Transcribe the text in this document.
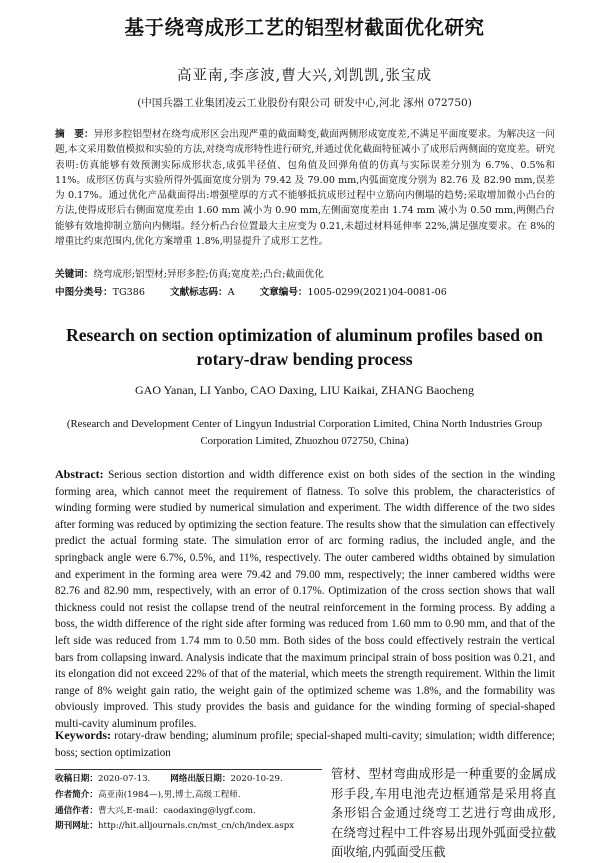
基于绕弯成形工艺的铝型材截面优化研究
高亚南,李彦波,曹大兴,刘凯凯,张宝成
(中国兵器工业集团凌云工业股份有限公司 研发中心,河北 涿州 072750)
摘　要：异形多腔铝型材在绕弯成形区会出现严重的截面畸变,截面两侧形成宽度差,不满足平面度要求。为解决这一问题,本文采用数值模拟和实验的方法,对绕弯成形特性进行研究,并通过优化截面特征减小了成形后两侧面的宽度差。研究表明:仿真能够有效预测实际成形状态,成弧半径值、包角值及回弹角值的仿真与实际误差分别为 6.7%、0.5%和 11%。成形区仿真与实验所得外弧面宽度分别为 79.42 及 79.00 mm,内弧面宽度分别为 82.76 及 82.90 mm,误差为 0.17%。通过优化产品截面得出:增强壁厚的方式不能够抵抗成形过程中立筋向内侧塌的趋势;采取增加微小凸台的方法,使得成形后右侧面宽度差由 1.60 mm 减小为 0.90 mm,左侧面宽度差由 1.74 mm 减小为 0.50 mm,两侧凸台能够有效地抑制立筋向内侧塌。经分析凸台位置最大主应变为 0.21,未超过材料延伸率 22%,满足强度要求。在 8%的增重比约束范围内,优化方案增重 1.8%,明显提升了成形工艺性。
关键词：绕弯成形;铝型材;异形多腔;仿真;宽度差;凸台;截面优化
中图分类号：TG386	文献标志码：A	文章编号：1005-0299(2021)04-0081-06
Research on section optimization of aluminum profiles based on
rotary-draw bending process
GAO Yanan, LI Yanbo, CAO Daxing, LIU Kaikai, ZHANG Baocheng
(Research and Development Center of Lingyun Industrial Corporation Limited, China North Industries Group Corporation Limited, Zhuozhou 072750, China)
Abstract: Serious section distortion and width difference exist on both sides of the section in the winding forming area, which cannot meet the requirement of flatness. To solve this problem, the characteristics of winding forming were studied by numerical simulation and experiment. The width difference of the two sides after forming was reduced by optimizing the section feature. The results show that the simulation can effectively predict the actual forming state. The simulation error of arc forming radius, the included angle, and the springback angle were 6.7%, 0.5%, and 11%, respectively. The outer cambered widths obtained by simulation and experiment in the forming area were 79.42 and 79.00 mm, respectively; the inner cambered widths were 82.76 and 82.90 mm, respectively, with an error of 0.17%. Optimization of the cross section shows that wall thickness could not resist the collapse trend of the neutral reinforcement in the forming process. By adding a boss, the width difference of the right side after forming was reduced from 1.60 mm to 0.90 mm, and that of the left side was reduced from 1.74 mm to 0.50 mm. Both sides of the boss could effectively restrain the vertical bars from collapsing inward. Analysis indicate that the maximum principal strain of boss position was 0.21, and its elongation did not exceed 22% of that of the material, which meets the strength requirement. Within the limit range of 8% weight gain ratio, the weight gain of the optimized scheme was 1.8%, and the formability was obviously improved. This study provides the basis and guidance for the winding forming of special-shaped multi-cavity aluminum profiles.
Keywords: rotary-draw bending; aluminum profile; special-shaped multi-cavity; simulation; width difference; boss; section optimization
收稿日期：2020-07-13. 网络出版日期：2020-10-29.
作者简介：高亚南(1984—),男,博士,高级工程师.
通信作者：曹大兴,E-mail：caodaxing@lygf.com.
期刊网址：http://hit.alljournals.cn/mst_cn/ch/index.aspx
管材、型材弯曲成形是一种重要的金属成形手段,车用电池壳边框通常是采用将直条形铝合金通过绕弯工艺进行弯曲成形,在绕弯过程中工件容易出现外弧面受拉截面收缩,内弧面受压截
